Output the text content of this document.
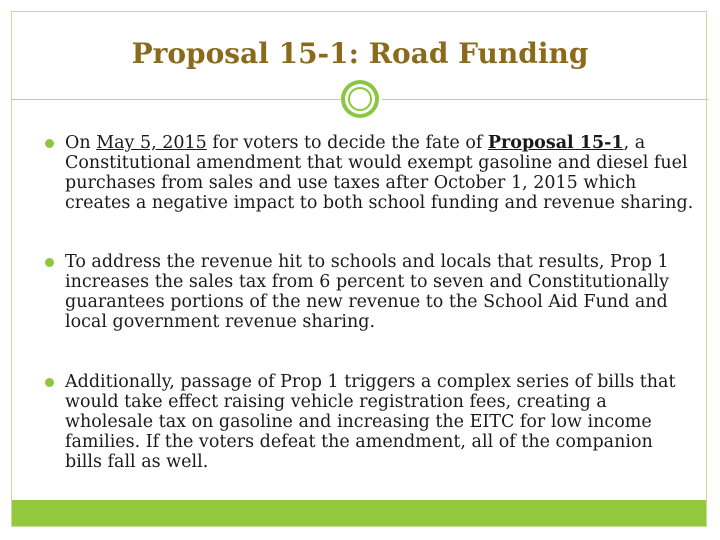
Proposal 15-1: Road Funding
On May 5, 2015 for voters to decide the fate of Proposal 15-1, a Constitutional amendment that would exempt gasoline and diesel fuel purchases from sales and use taxes after October 1, 2015 which creates a negative impact to both school funding and revenue sharing.
To address the revenue hit to schools and locals that results, Prop 1 increases the sales tax from 6 percent to seven and Constitutionally guarantees portions of the new revenue to the School Aid Fund and local government revenue sharing.
Additionally, passage of Prop 1 triggers a complex series of bills that would take effect raising vehicle registration fees, creating a wholesale tax on gasoline and increasing the EITC for low income families. If the voters defeat the amendment, all of the companion bills fall as well.
